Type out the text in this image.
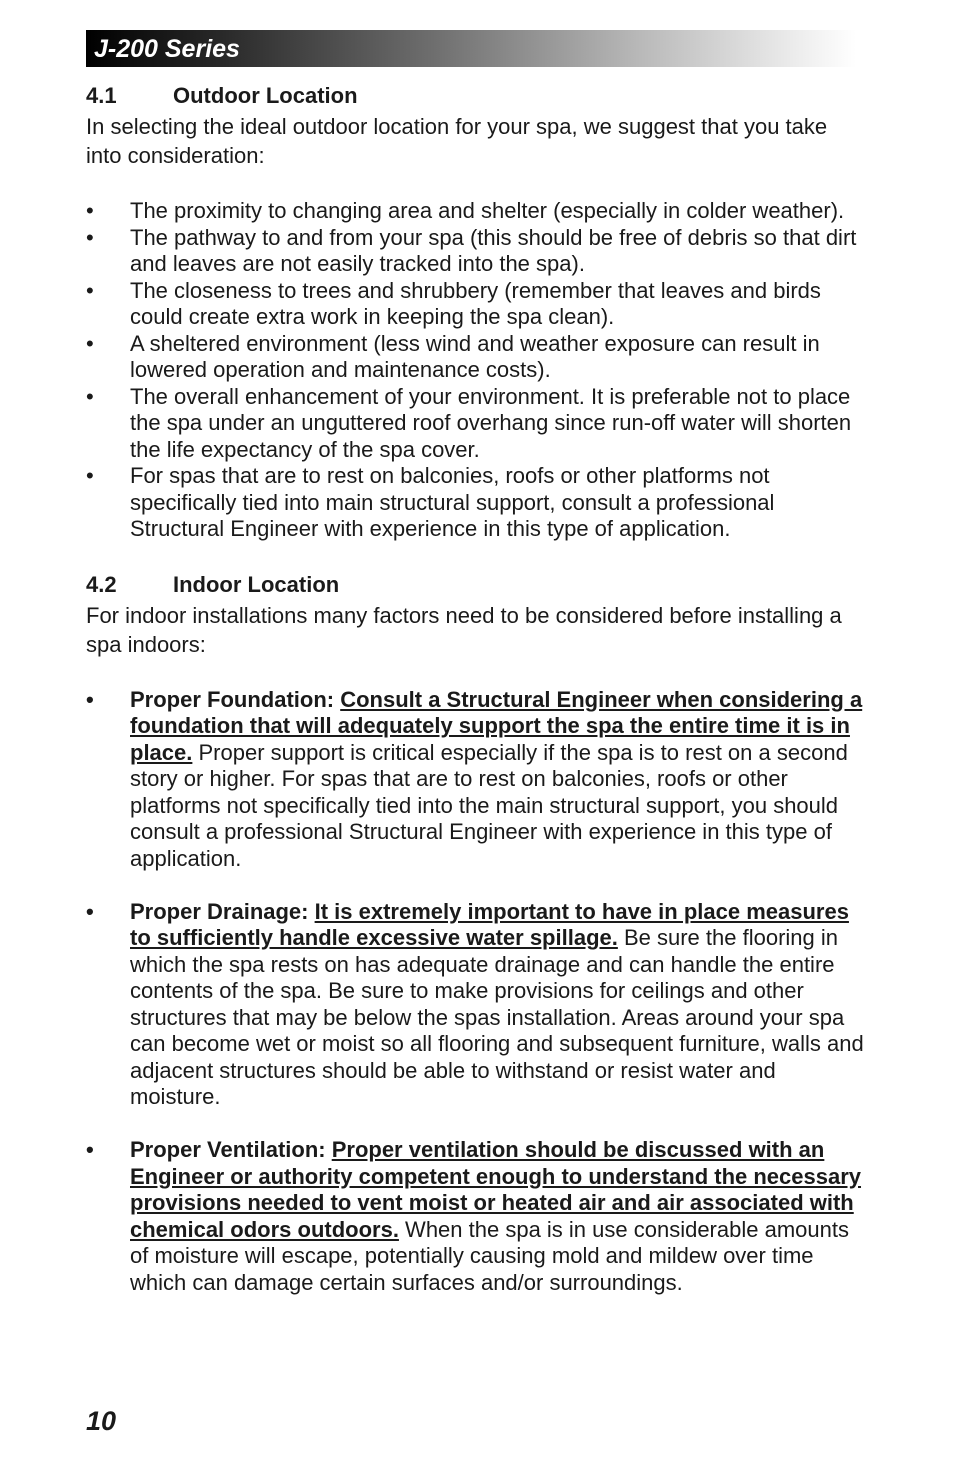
J-200 Series
4.1	Outdoor Location

In selecting the ideal outdoor location for your spa, we suggest that you take into consideration:

•	The proximity to changing area and shelter (especially in colder weather).
•	The pathway to and from your spa (this should be free of debris so that dirt and leaves are not easily tracked into the spa).
•	The closeness to trees and shrubbery (remember that leaves and birds could create extra work in keeping the spa clean).
•	A sheltered environment (less wind and weather exposure can result in lowered operation and maintenance costs).
•	The overall enhancement of your environment. It is preferable not to place the spa under an unguttered roof overhang since run-off water will shorten the life expectancy of the spa cover.
•	For spas that are to rest on balconies, roofs or other platforms not specifically tied into main structural support, consult a professional Structural Engineer with experience in this type of application.
4.2	Indoor Location

For indoor installations many factors need to be considered before installing a spa indoors:

•	Proper Foundation: Consult a Structural Engineer when considering a foundation that will adequately support the spa the entire time it is in place. Proper support is critical especially if the spa is to rest on a second story or higher. For spas that are to rest on balconies, roofs or other platforms not specifically tied into the main structural support, you should consult a professional Structural Engineer with experience in this type of application.
•	Proper Drainage: It is extremely important to have in place measures to sufficiently handle excessive water spillage. Be sure the flooring in which the spa rests on has adequate drainage and can handle the entire contents of the spa. Be sure to make provisions for ceilings and other structures that may be below the spas installation. Areas around your spa can become wet or moist so all flooring and subsequent furniture, walls and adjacent structures should be able to withstand or resist water and moisture.
•	Proper Ventilation: Proper ventilation should be discussed with an Engineer or authority competent enough to understand the necessary provisions needed to vent moist or heated air and air associated with chemical odors outdoors. When the spa is in use considerable amounts of moisture will escape, potentially causing mold and mildew over time which can damage certain surfaces and/or surroundings.
10
